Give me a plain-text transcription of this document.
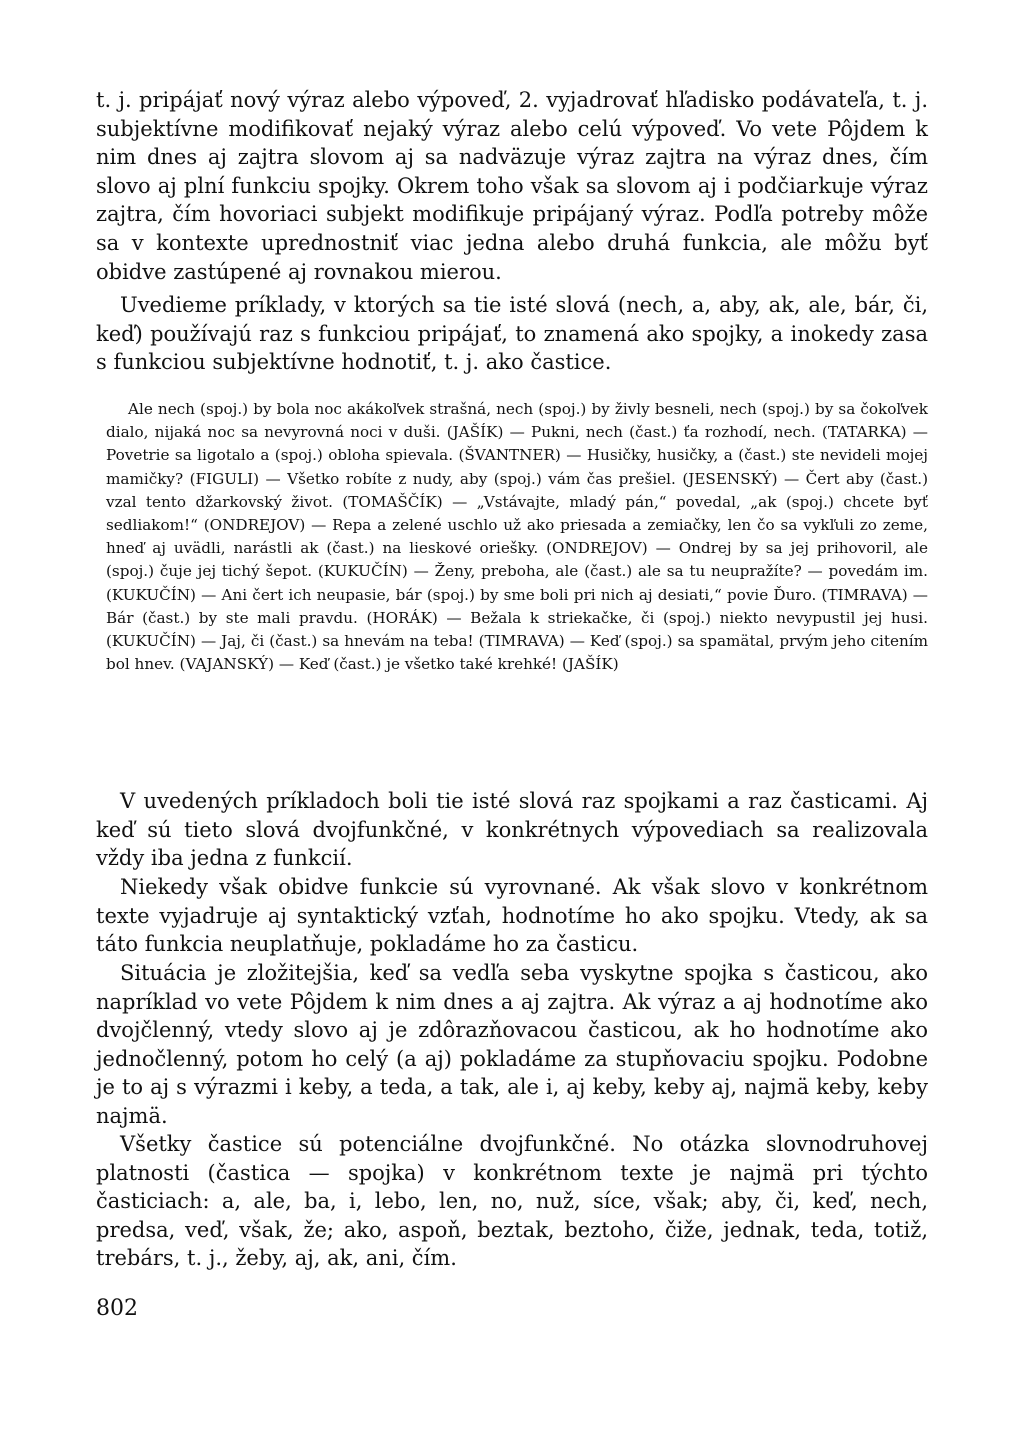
t. j. pripájať nový výraz alebo výpoveď, 2. vyjadrovať hľadisko podávateľa, t. j. subjektívne modifikovať nejaký výraz alebo celú výpoveď. Vo vete Pôjdem k nim dnes aj zajtra slovom aj sa nadväzuje výraz zajtra na výraz dnes, čím slovo aj plní funkciu spojky. Okrem toho však sa slovom aj i podčiarkuje výraz zajtra, čím hovoriaci subjekt modifikuje pripájaný výraz. Podľa potreby môže sa v kontexte uprednostniť viac jedna alebo druhá funkcia, ale môžu byť obidve zastúpené aj rovnakou mierou.

Uvedieme príklady, v ktorých sa tie isté slová (nech, a, aby, ak, ale, bár, či, keď) používajú raz s funkciou pripájať, to znamená ako spojky, a inokedy zasa s funkciou subjektívne hodnotiť, t. j. ako častice.

Ale nech (spoj.) by bola noc akákoľvek strašná, nech (spoj.) by živly besneli, nech (spoj.) by sa čokoľvek dialo, nijaká noc sa nevyrovná noci v duši. (JAŠÍK) — Pukni, nech (čast.) ťa rozhodí, nech. (TATARKA) — Povetrie sa ligotalo a (spoj.) obloha spievala. (ŠVANTNER) — Husičky, husičky, a (čast.) ste nevideli mojej mamičky? (FIGULI) — Všetko robíte z nudy, aby (spoj.) vám čas prešiel. (JESENSKÝ) — Čert aby (čast.) vzal tento džarkovský život. (TOMAŠČÍK) — „Vstávajte, mladý pán,“ povedal, „ak (spoj.) chcete byť sedliakom!“ (ONDREJOV) — Repa a zelené uschlo už ako priesada a zemiačky, len čo sa vykľuli zo zeme, hneď aj uvädli, narástli ak (čast.) na lieskové oriešky. (ONDREJOV) — Ondrej by sa jej prihovoril, ale (spoj.) čuje jej tichý šepot. (KUKUČÍN) — Ženy, preboha, ale (čast.) ale sa tu neupražíte? — povedám im. (KUKUČÍN) — Ani čert ich neupasie, bár (spoj.) by sme boli pri nich aj desiati,“ povie Ďuro. (TIMRAVA) — Bár (čast.) by ste mali pravdu. (HORÁK) — Bežala k striekačke, či (spoj.) niekto nevypustil jej husi. (KUKUČÍN) — Jaj, či (čast.) sa hnevám na teba! (TIMRAVA) — Keď (spoj.) sa spamätal, prvým jeho citením bol hnev. (VAJANSKÝ) — Keď (čast.) je všetko také krehké! (JAŠÍK)

V uvedených príkladoch boli tie isté slová raz spojkami a raz časticami. Aj keď sú tieto slová dvojfunkčné, v konkrétnych výpovediach sa realizovala vždy iba jedna z funkcií.

Niekedy však obidve funkcie sú vyrovnané. Ak však slovo v konkrétnom texte vyjadruje aj syntaktický vzťah, hodnotíme ho ako spojku. Vtedy, ak sa táto funkcia neuplatňuje, pokladáme ho za časticu.

Situácia je zložitejšia, keď sa vedľa seba vyskytne spojka s časticou, ako napríklad vo vete Pôjdem k nim dnes a aj zajtra. Ak výraz a aj hodnotíme ako dvojčlenný, vtedy slovo aj je zdôrazňovacou časticou, ak ho hodnotíme ako jednočlenný, potom ho celý (a aj) pokladáme za stupňovaciu spojku. Podobne je to aj s výrazmi i keby, a teda, a tak, ale i, aj keby, keby aj, najmä keby, keby najmä.

Všetky častice sú potenciálne dvojfunkčné. No otázka slovnodruhovej platnosti (častica — spojka) v konkrétnom texte je najmä pri týchto časticiach: a, ale, ba, i, lebo, len, no, nuž, síce, však; aby, či, keď, nech, predsa, veď, však, že; ako, aspoň, beztak, beztoho, čiže, jednak, teda, totiž, trebárs, t. j., žeby, aj, ak, ani, čím.

802
